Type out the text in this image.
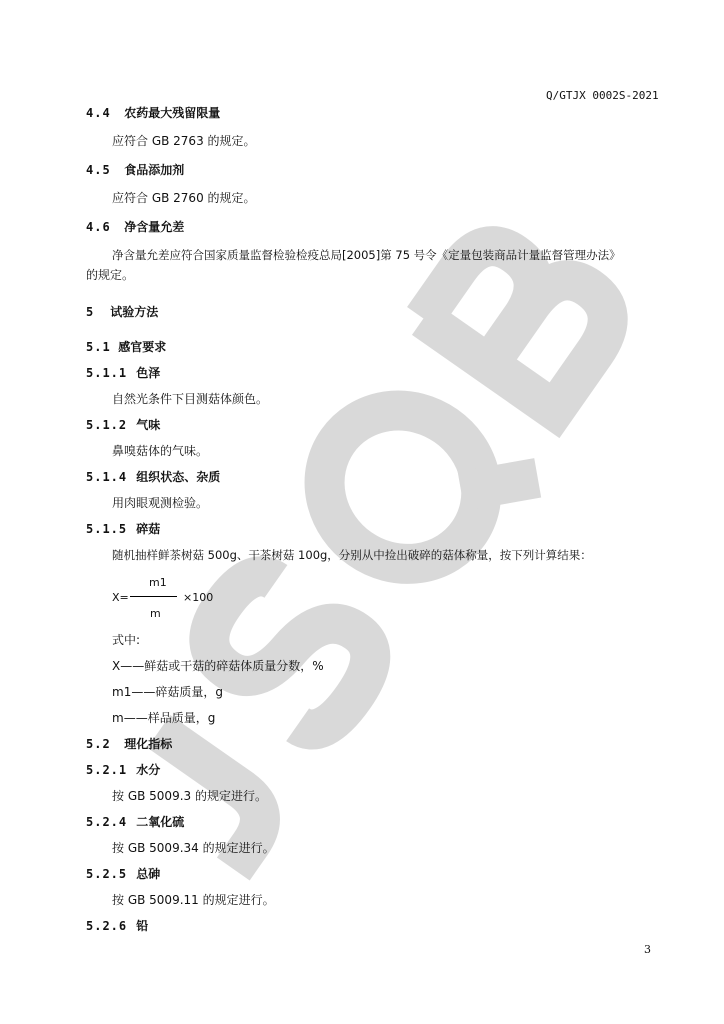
Q/GTJX 0002S-2021
4.4 农药最大残留限量
应符合 GB 2763 的规定。
4.5 食品添加剂
应符合 GB 2760 的规定。
4.6 净含量允差
净含量允差应符合国家质量监督检验检疫总局[2005]第 75 号令《定量包装商品计量监督管理办法》
的规定。
5 试验方法
5.1 感官要求
5.1.1 色泽
自然光条件下目测菇体颜色。
5.1.2 气味
鼻嗅菇体的气味。
5.1.4 组织状态、杂质
用肉眼观测检验。
5.1.5 碎菇
随机抽样鲜茶树菇 500g、干茶树菇 100g，分别从中捡出破碎的菇体称量，按下列计算结果：
m1
X=	×100
m
式中:
X——鲜菇或干菇的碎菇体质量分数，%
m1——碎菇质量，g
m——样品质量，g
5.2 理化指标
5.2.1 水分
按 GB 5009.3 的规定进行。
5.2.4 二氧化硫
按 GB 5009.34 的规定进行。
5.2.5 总砷
按 GB 5009.11 的规定进行。
5.2.6 铅
3
